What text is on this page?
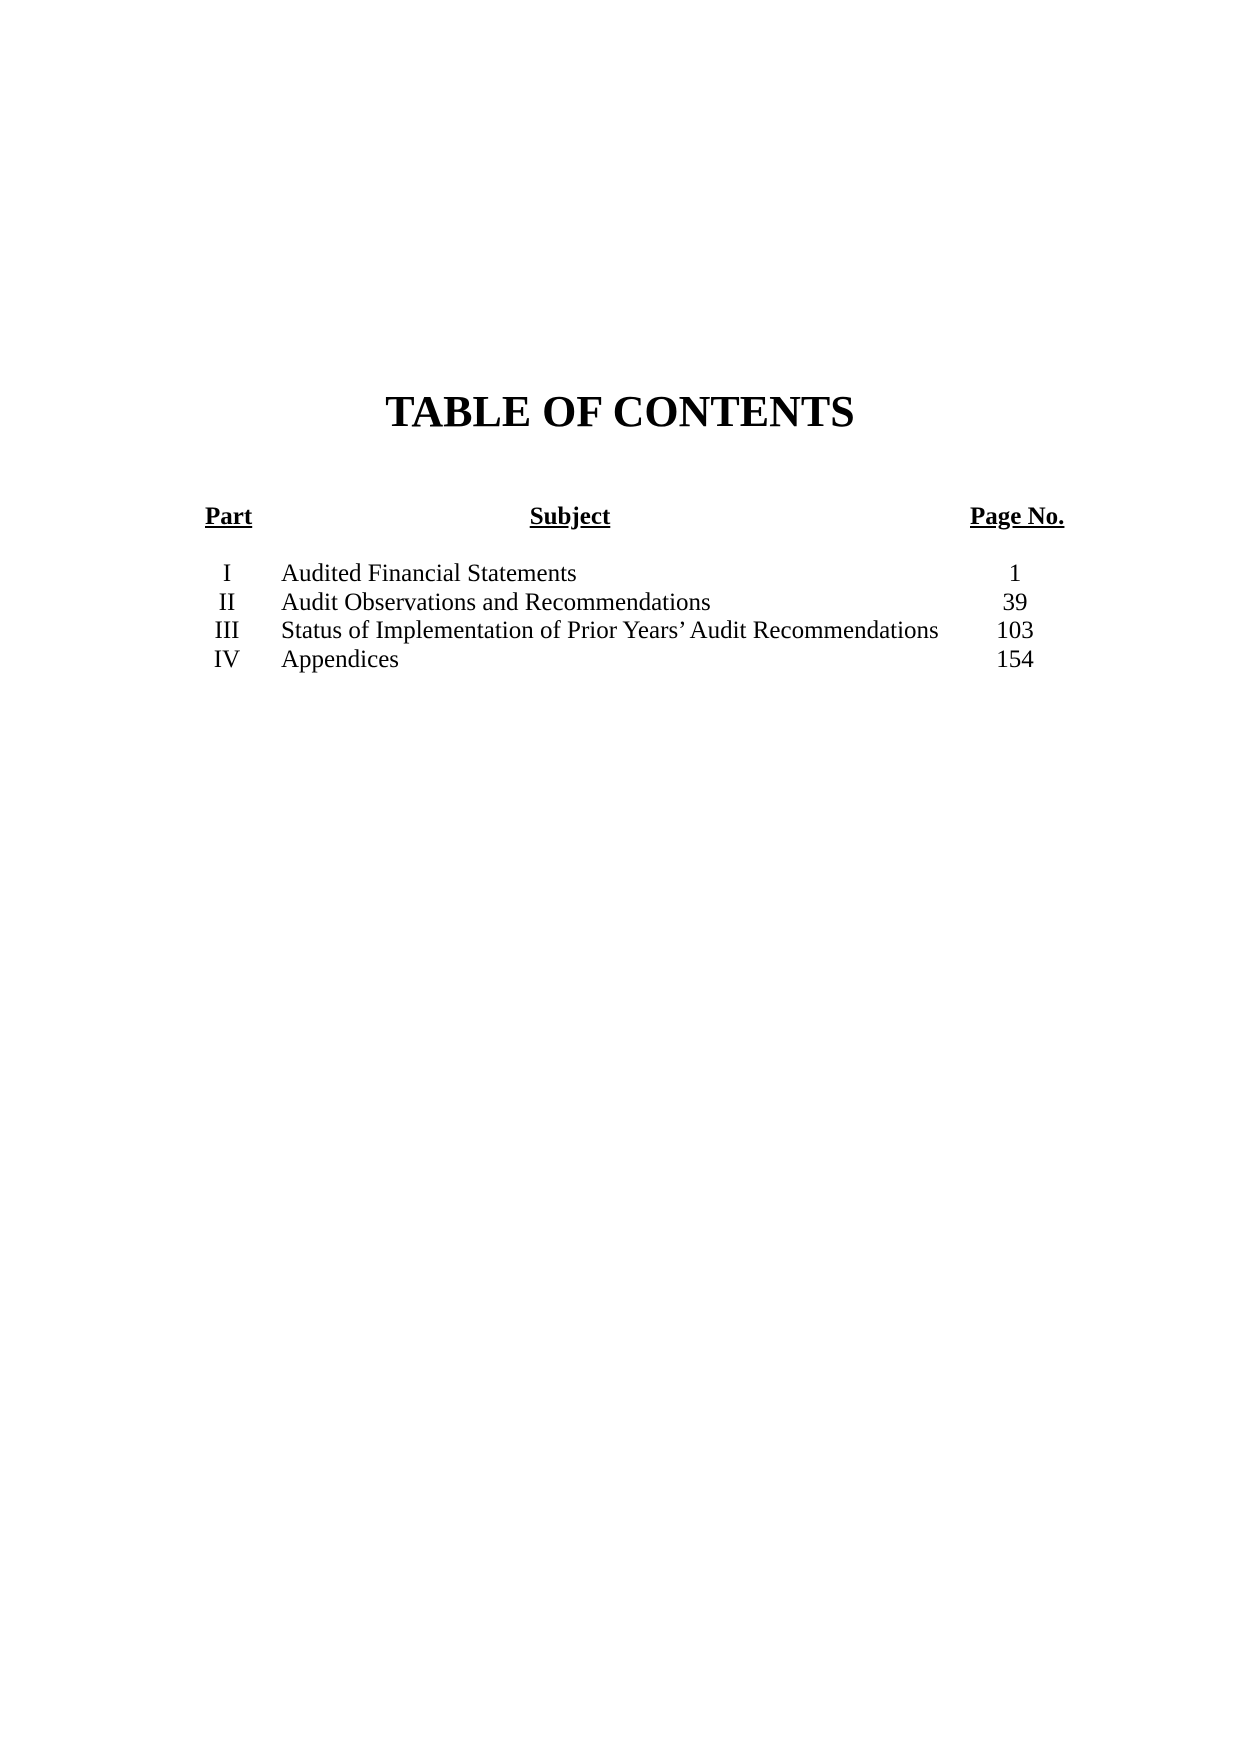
TABLE OF CONTENTS
Part	Subject	Page No.
I	Audited Financial Statements	1
II	Audit Observations and Recommendations	39
III	Status of Implementation of Prior Years’ Audit Recommendations	103
IV	Appendices	154
